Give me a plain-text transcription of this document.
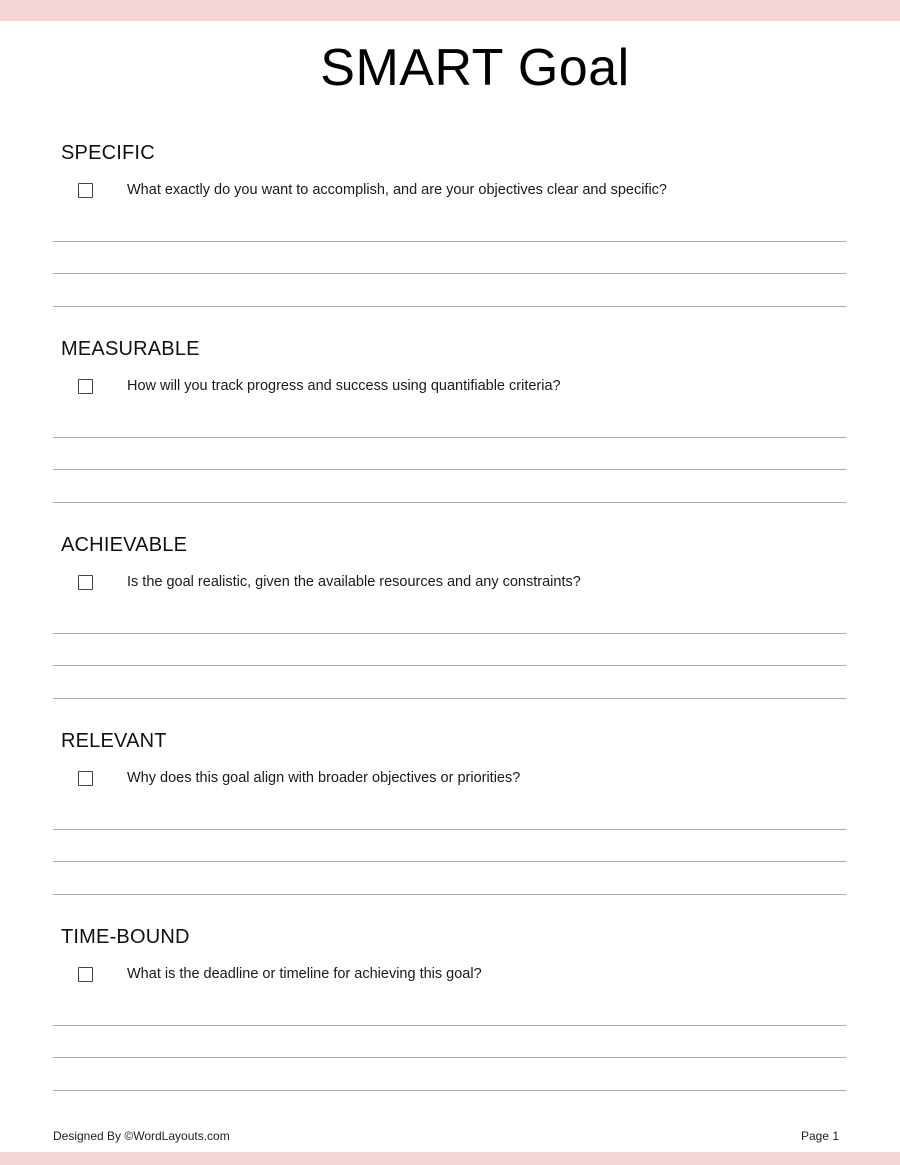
SMART Goal
SPECIFIC
What exactly do you want to accomplish, and are your objectives clear and specific?
MEASURABLE
How will you track progress and success using quantifiable criteria?
ACHIEVABLE
Is the goal realistic, given the available resources and any constraints?
RELEVANT
Why does this goal align with broader objectives or priorities?
TIME-BOUND
What is the deadline or timeline for achieving this goal?
Designed By ©WordLayouts.com	Page 1
